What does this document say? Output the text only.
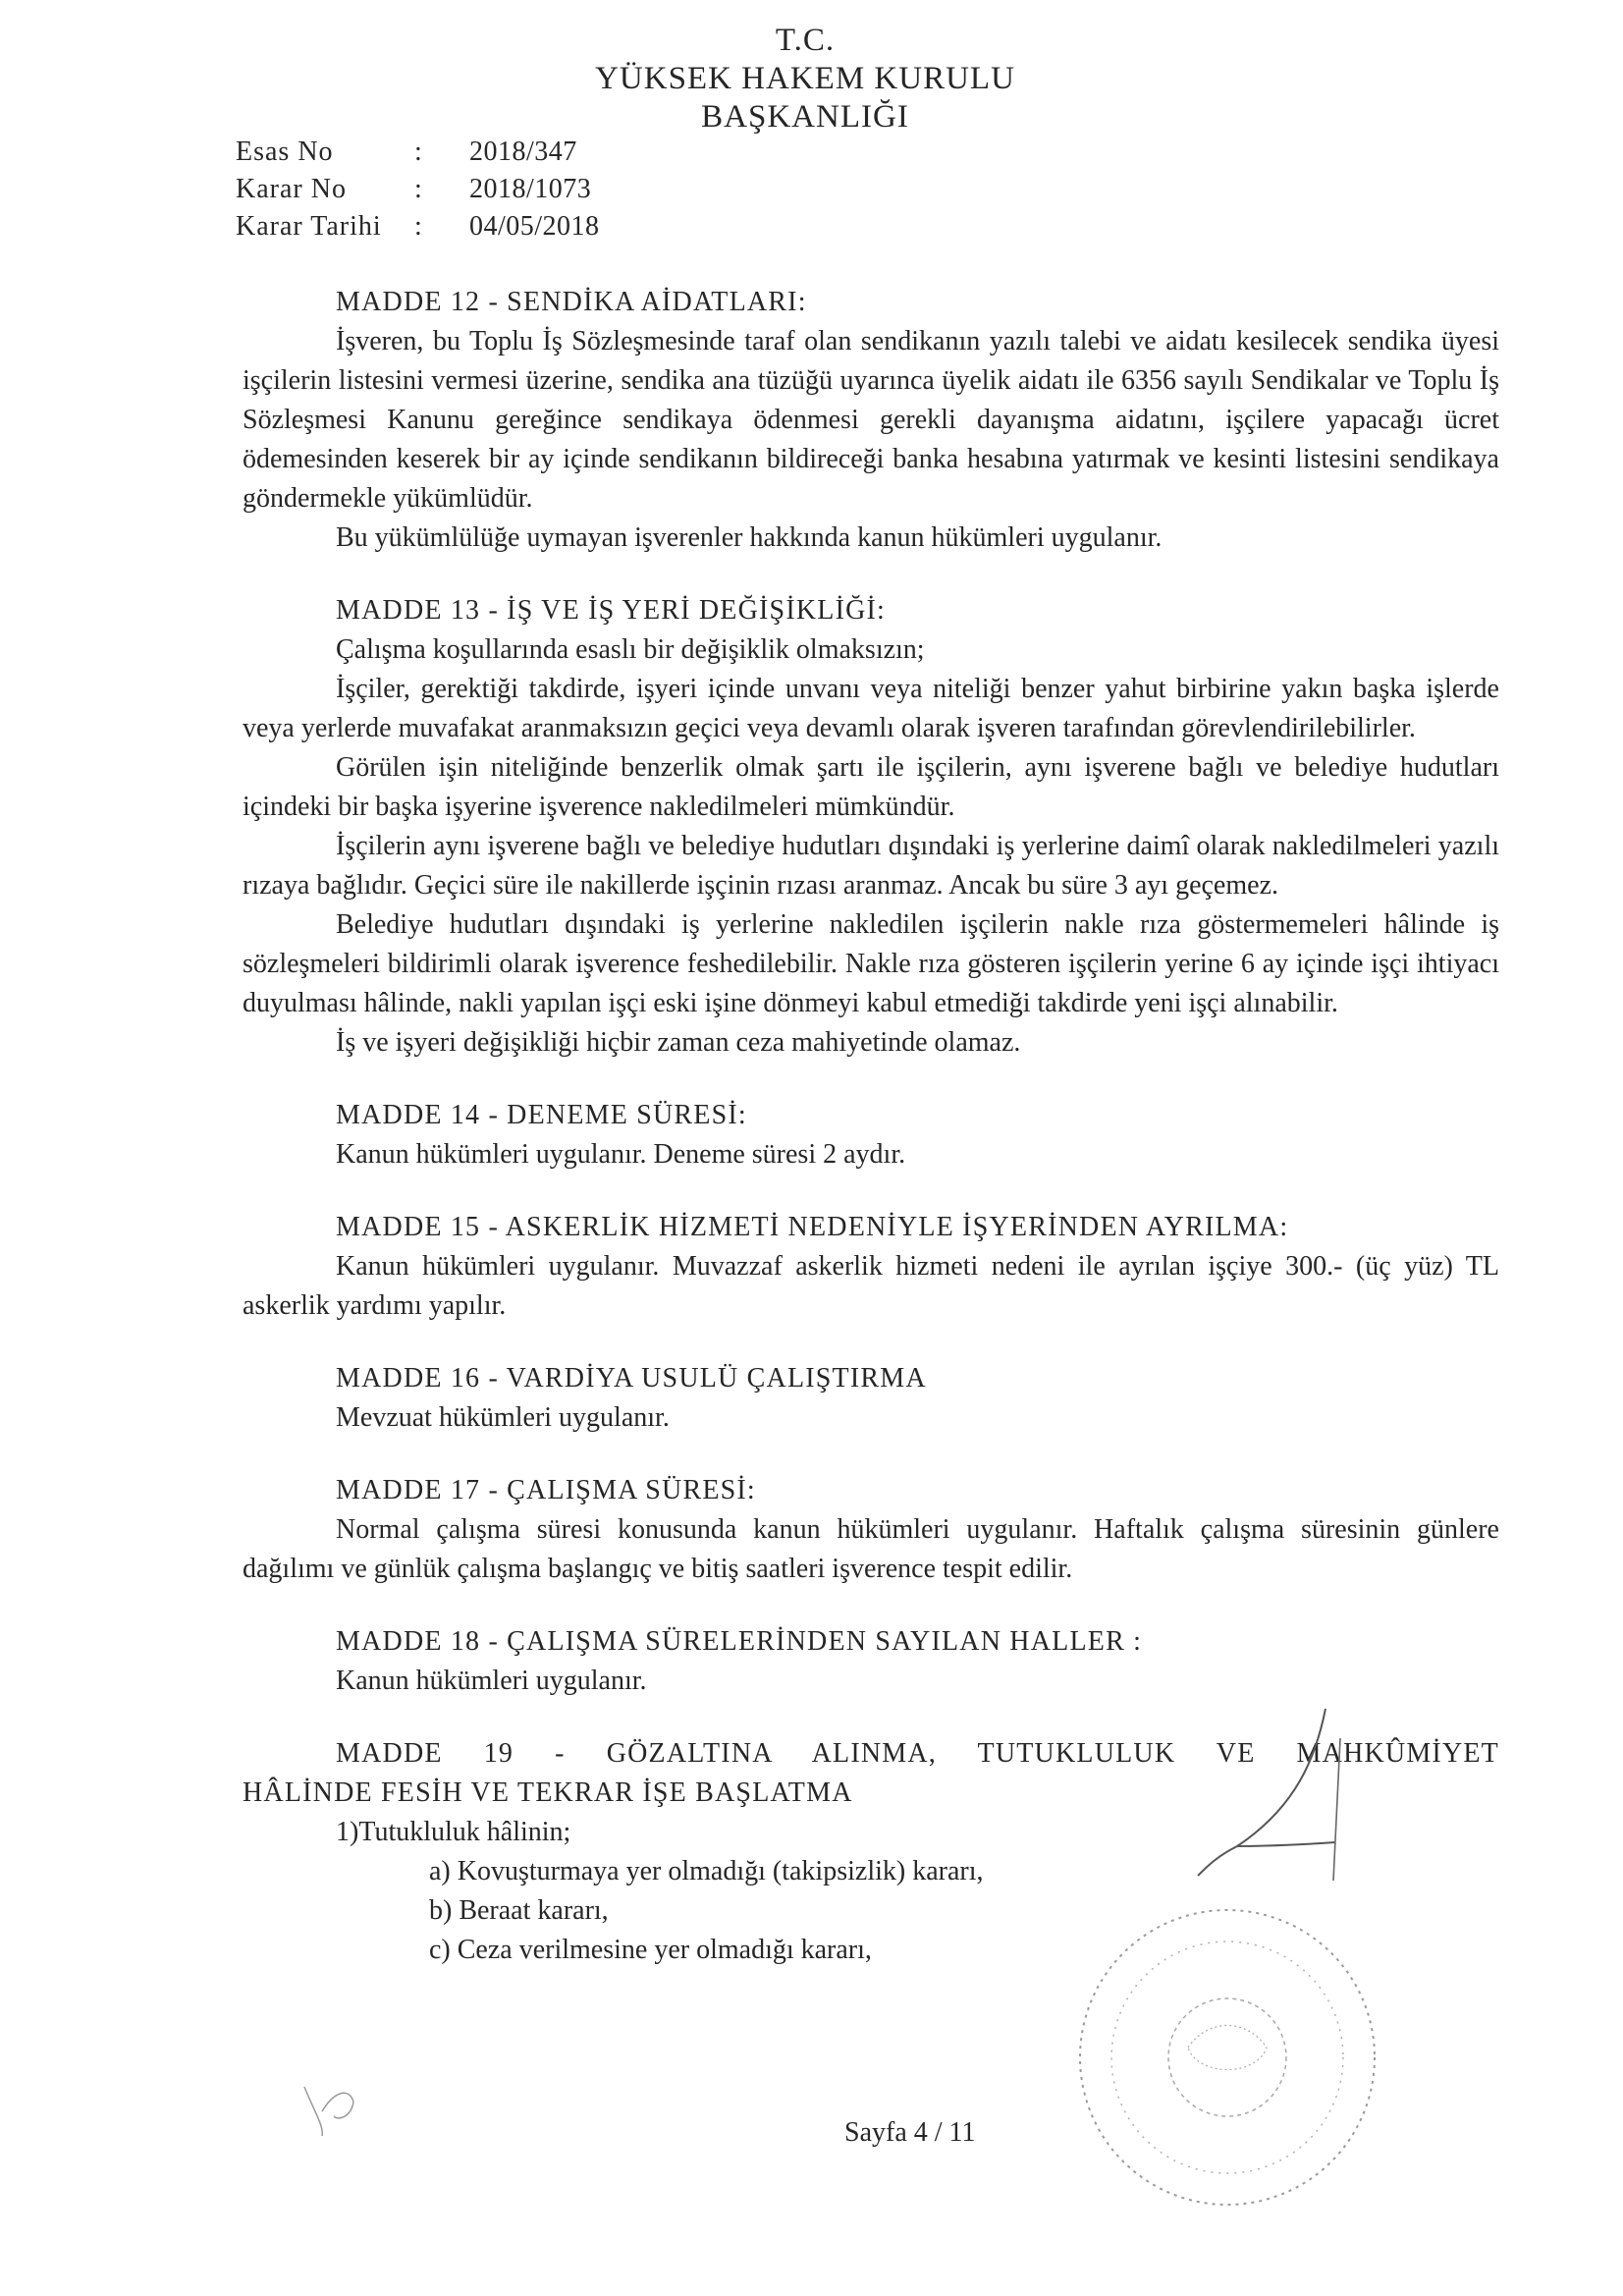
T.C.
YÜKSEK HAKEM KURULU
BAŞKANLIĞI
Esas No	:	2018/347
Karar No	:	2018/1073
Karar Tarihi	:	04/05/2018
MADDE 12 - SENDİKA AİDATLARI:

İşveren, bu Toplu İş Sözleşmesinde taraf olan sendikanın yazılı talebi ve aidatı kesilecek sendika üyesi işçilerin listesini vermesi üzerine, sendika ana tüzüğü uyarınca üyelik aidatı ile 6356 sayılı Sendikalar ve Toplu İş Sözleşmesi Kanunu gereğince sendikaya ödenmesi gerekli dayanışma aidatını, işçilere yapacağı ücret ödemesinden keserek bir ay içinde sendikanın bildireceği banka hesabına yatırmak ve kesinti listesini sendikaya göndermekle yükümlüdür.

Bu yükümlülüğe uymayan işverenler hakkında kanun hükümleri uygulanır.

MADDE 13 - İŞ VE İŞ YERİ DEĞİŞİKLİĞİ:

Çalışma koşullarında esaslı bir değişiklik olmaksızın;

İşçiler, gerektiği takdirde, işyeri içinde unvanı veya niteliği benzer yahut birbirine yakın başka işlerde veya yerlerde muvafakat aranmaksızın geçici veya devamlı olarak işveren tarafından görevlendirilebilirler.

Görülen işin niteliğinde benzerlik olmak şartı ile işçilerin, aynı işverene bağlı ve belediye hudutları içindeki bir başka işyerine işverence nakledilmeleri mümkündür.

İşçilerin aynı işverene bağlı ve belediye hudutları dışındaki iş yerlerine daimî olarak nakledilmeleri yazılı rızaya bağlıdır. Geçici süre ile nakillerde işçinin rızası aranmaz. Ancak bu süre 3 ayı geçemez.

Belediye hudutları dışındaki iş yerlerine nakledilen işçilerin nakle rıza göstermemeleri hâlinde iş sözleşmeleri bildirimli olarak işverence feshedilebilir. Nakle rıza gösteren işçilerin yerine 6 ay içinde işçi ihtiyacı duyulması hâlinde, nakli yapılan işçi eski işine dönmeyi kabul etmediği takdirde yeni işçi alınabilir.

İş ve işyeri değişikliği hiçbir zaman ceza mahiyetinde olamaz.

MADDE 14 - DENEME SÜRESİ:

Kanun hükümleri uygulanır. Deneme süresi 2 aydır.

MADDE 15 - ASKERLİK HİZMETİ NEDENİYLE İŞYERİNDEN AYRILMA:

Kanun hükümleri uygulanır. Muvazzaf askerlik hizmeti nedeni ile ayrılan işçiye 300.- (üç yüz) TL askerlik yardımı yapılır.

MADDE 16 - VARDİYA USULÜ ÇALIŞTIRMA

Mevzuat hükümleri uygulanır.

MADDE 17 - ÇALIŞMA SÜRESİ:

Normal çalışma süresi konusunda kanun hükümleri uygulanır. Haftalık çalışma süresinin günlere dağılımı ve günlük çalışma başlangıç ve bitiş saatleri işverence tespit edilir.

MADDE 18 - ÇALIŞMA SÜRELERİNDEN SAYILAN HALLER :

Kanun hükümleri uygulanır.

MADDE 19 - GÖZALTINA ALINMA, TUTUKLULUK VE MAHKÛMİYET
HÂLİNDE FESİH VE TEKRAR İŞE BAŞLATMA

1)Tutukluluk hâlinin;

a) Kovuşturmaya yer olmadığı (takipsizlik) kararı,
b) Beraat kararı,
c) Ceza verilmesine yer olmadığı kararı,
Sayfa 4 / 11
